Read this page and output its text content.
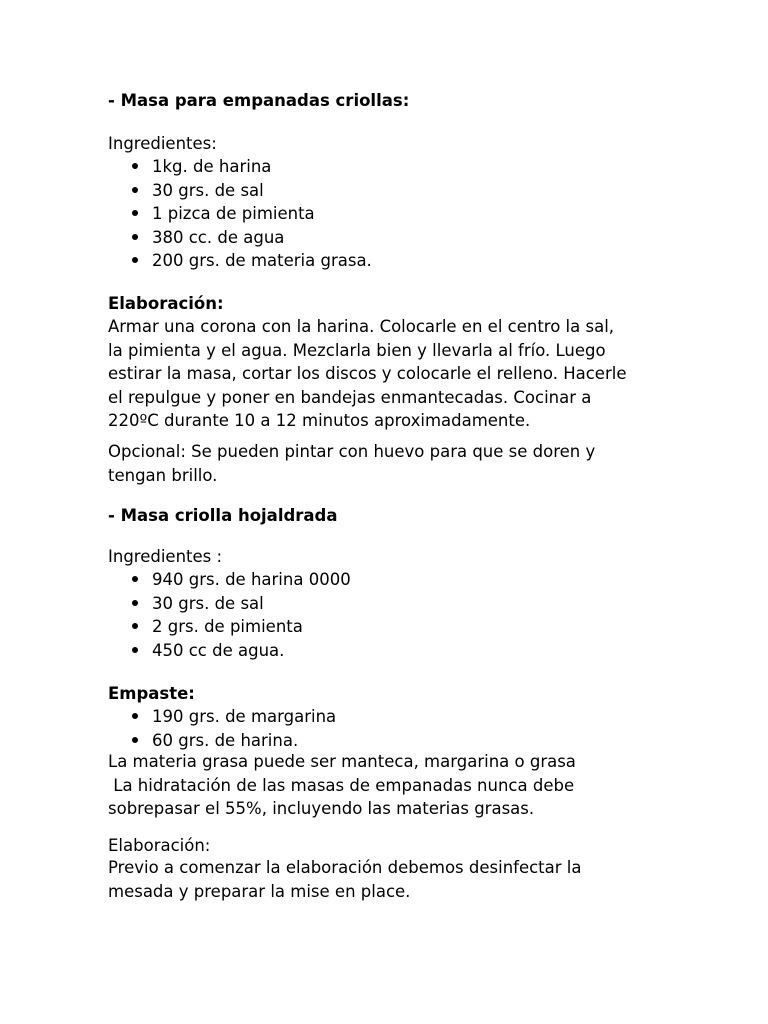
- Masa para empanadas criollas:
Ingredientes:
1kg. de harina
30 grs. de sal
1 pizca de pimienta
380 cc. de agua
200 grs. de materia grasa.
Elaboración:
Armar una corona con la harina. Colocarle en el centro la sal,
la pimienta y el agua. Mezclarla bien y llevarla al frío. Luego
estirar la masa, cortar los discos y colocarle el relleno. Hacerle
el repulgue y poner en bandejas enmantecadas. Cocinar a
220ºC durante 10 a 12 minutos aproximadamente.
Opcional: Se pueden pintar con huevo para que se doren y
tengan brillo.
- Masa criolla hojaldrada
Ingredientes :
940 grs. de harina 0000
30 grs. de sal
2 grs. de pimienta
450 cc de agua.
Empaste:
190 grs. de margarina
60 grs. de harina.
La materia grasa puede ser manteca, margarina o grasa
La hidratación de las masas de empanadas nunca debe
sobrepasar el 55%, incluyendo las materias grasas.
Elaboración:
Previo a comenzar la elaboración debemos desinfectar la
mesada y preparar la mise en place.
